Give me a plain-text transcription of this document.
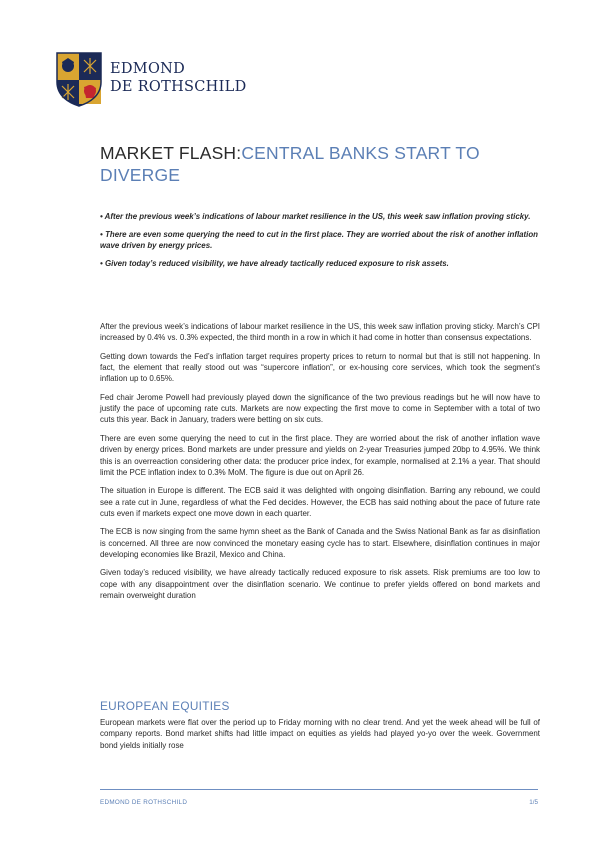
EDMOND
DE ROTHSCHILD
MARKET FLASH:CENTRAL BANKS START TO DIVERGE

• After the previous week’s indications of labour market resilience in the US, this week saw inflation proving sticky.

• There are even some querying the need to cut in the first place. They are worried about the risk of another inflation wave driven by energy prices.

• Given today’s reduced visibility, we have already tactically reduced exposure to risk assets.

After the previous week’s indications of labour market resilience in the US, this week saw inflation proving sticky. March’s CPI increased by 0.4% vs. 0.3% expected, the third month in a row in which it had come in hotter than consensus expectations.

Getting down towards the Fed’s inflation target requires property prices to return to normal but that is still not happening. In fact, the element that really stood out was “supercore inflation”, or ex-housing core services, which took the segment’s inflation up to 0.65%.

Fed chair Jerome Powell had previously played down the significance of the two previous readings but he will now have to justify the pace of upcoming rate cuts. Markets are now expecting the first move to come in September with a total of two cuts this year. Back in January, traders were betting on six cuts.

There are even some querying the need to cut in the first place. They are worried about the risk of another inflation wave driven by energy prices. Bond markets are under pressure and yields on 2-year Treasuries jumped 20bp to 4.95%. We think this is an overreaction considering other data: the producer price index, for example, normalised at 2.1% a year. That should limit the PCE inflation index to 0.3% MoM. The figure is due out on April 26.

The situation in Europe is different. The ECB said it was delighted with ongoing disinflation. Barring any rebound, we could see a rate cut in June, regardless of what the Fed decides. However, the ECB has said nothing about the pace of future rate cuts even if markets expect one move down in each quarter.

The ECB is now singing from the same hymn sheet as the Bank of Canada and the Swiss National Bank as far as disinflation is concerned. All three are now convinced the monetary easing cycle has to start. Elsewhere, disinflation continues in major developing economies like Brazil, Mexico and China.

Given today’s reduced visibility, we have already tactically reduced exposure to risk assets. Risk premiums are too low to cope with any disappointment over the disinflation scenario. We continue to prefer yields offered on bond markets and remain overweight duration

EUROPEAN EQUITIES

European markets were flat over the period up to Friday morning with no clear trend. And yet the week ahead will be full of company reports. Bond market shifts had little impact on equities as yields had played yo-yo over the week. Government bond yields initially rose

EDMOND DE ROTHSCHILD	1/5
